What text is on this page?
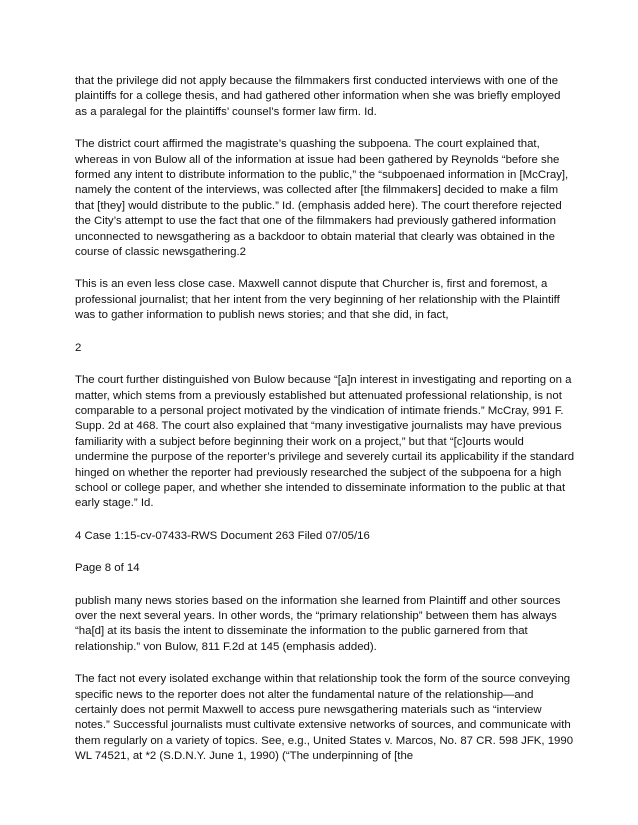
that the privilege did not apply because the filmmakers first conducted interviews with one of the plaintiffs for a college thesis, and had gathered other information when she was briefly employed as a paralegal for the plaintiffs’ counsel’s former law firm. Id.

The district court affirmed the magistrate’s quashing the subpoena. The court explained that, whereas in von Bulow all of the information at issue had been gathered by Reynolds “before she formed any intent to distribute information to the public,” the “subpoenaed information in [McCray], namely the content of the interviews, was collected after [the filmmakers] decided to make a film that [they] would distribute to the public.” Id. (emphasis added here). The court therefore rejected the City’s attempt to use the fact that one of the filmmakers had previously gathered information unconnected to newsgathering as a backdoor to obtain material that clearly was obtained in the course of classic newsgathering.2

This is an even less close case. Maxwell cannot dispute that Churcher is, first and foremost, a professional journalist; that her intent from the very beginning of her relationship with the Plaintiff was to gather information to publish news stories; and that she did, in fact,

2

The court further distinguished von Bulow because “[a]n interest in investigating and reporting on a matter, which stems from a previously established but attenuated professional relationship, is not comparable to a personal project motivated by the vindication of intimate friends.” McCray, 991 F. Supp. 2d at 468. The court also explained that “many investigative journalists may have previous familiarity with a subject before beginning their work on a project,” but that “[c]ourts would undermine the purpose of the reporter’s privilege and severely curtail its applicability if the standard hinged on whether the reporter had previously researched the subject of the subpoena for a high school or college paper, and whether she intended to disseminate information to the public at that early stage.” Id.

4 Case 1:15-cv-07433-RWS Document 263 Filed 07/05/16

Page 8 of 14

publish many news stories based on the information she learned from Plaintiff and other sources over the next several years. In other words, the “primary relationship” between them has always “ha[d] at its basis the intent to disseminate the information to the public garnered from that relationship.” von Bulow, 811 F.2d at 145 (emphasis added).

The fact not every isolated exchange within that relationship took the form of the source conveying specific news to the reporter does not alter the fundamental nature of the relationship—and certainly does not permit Maxwell to access pure newsgathering materials such as “interview notes.” Successful journalists must cultivate extensive networks of sources, and communicate with them regularly on a variety of topics. See, e.g., United States v. Marcos, No. 87 CR. 598 JFK, 1990 WL 74521, at *2 (S.D.N.Y. June 1, 1990) (“The underpinning of [the
